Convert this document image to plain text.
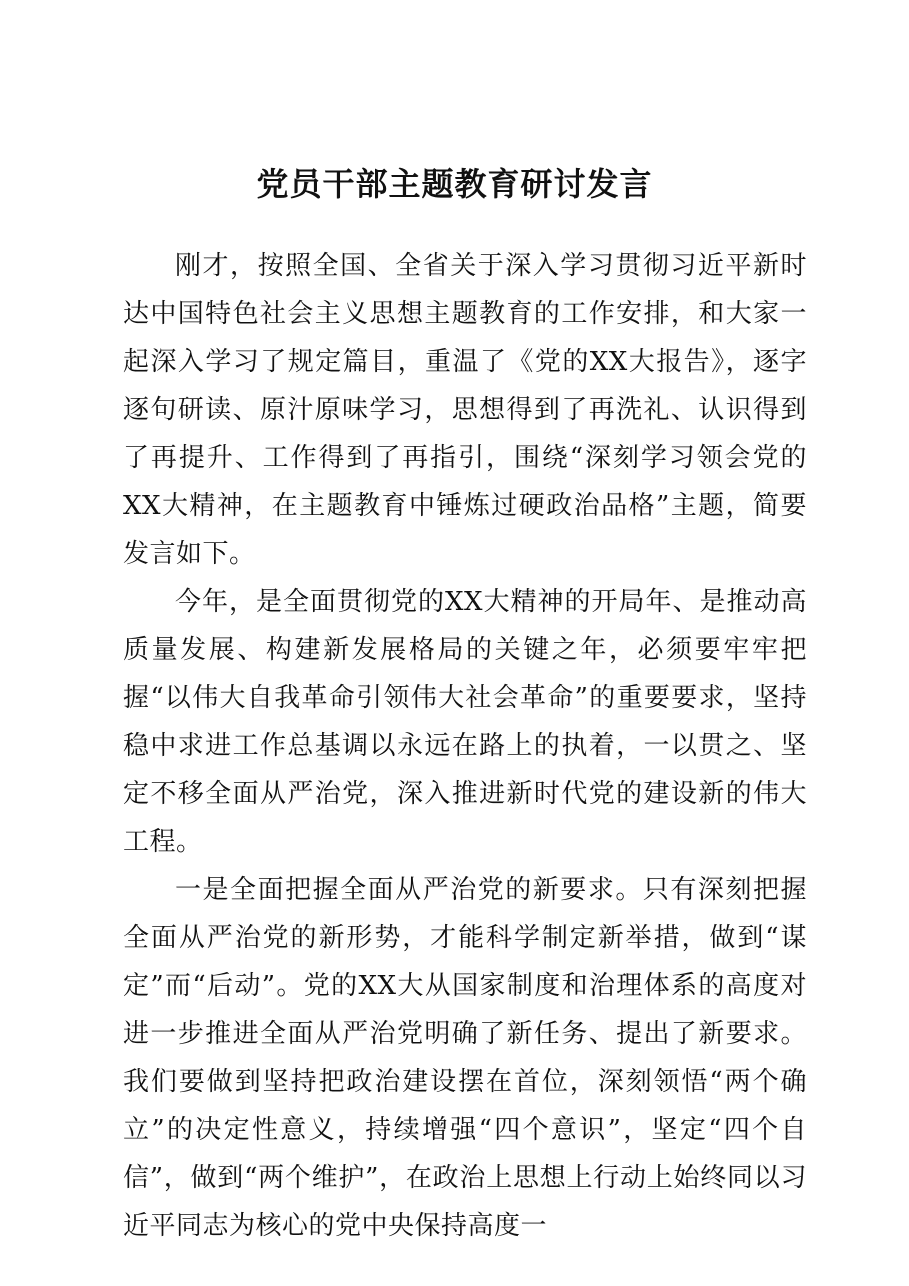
党员干部主题教育研讨发言

刚才，按照全国、全省关于深入学习贯彻习近平新时达中国特色社会主义思想主题教育的工作安排，和大家一起深入学习了规定篇目，重温了《党的XX大报告》，逐字逐句研读、原汁原味学习，思想得到了再洗礼、认识得到了再提升、工作得到了再指引，围绕“深刻学习领会党的XX大精神，在主题教育中锤炼过硬政治品格”主题，简要发言如下。

今年，是全面贯彻党的XX大精神的开局年、是推动高质量发展、构建新发展格局的关键之年，必须要牢牢把握“以伟大自我革命引领伟大社会革命”的重要要求，坚持稳中求进工作总基调以永远在路上的执着，一以贯之、坚定不移全面从严治党，深入推进新时代党的建设新的伟大工程。

一是全面把握全面从严治党的新要求。只有深刻把握全面从严治党的新形势，才能科学制定新举措，做到“谋定”而“后动”。党的XX大从国家制度和治理体系的高度对进一步推进全面从严治党明确了新任务、提出了新要求。我们要做到坚持把政治建设摆在首位，深刻领悟“两个确立”的决定性意义，持续增强“四个意识”，坚定“四个自信”，做到“两个维护”，在政治上思想上行动上始终同以习近平同志为核心的党中央保持高度一
